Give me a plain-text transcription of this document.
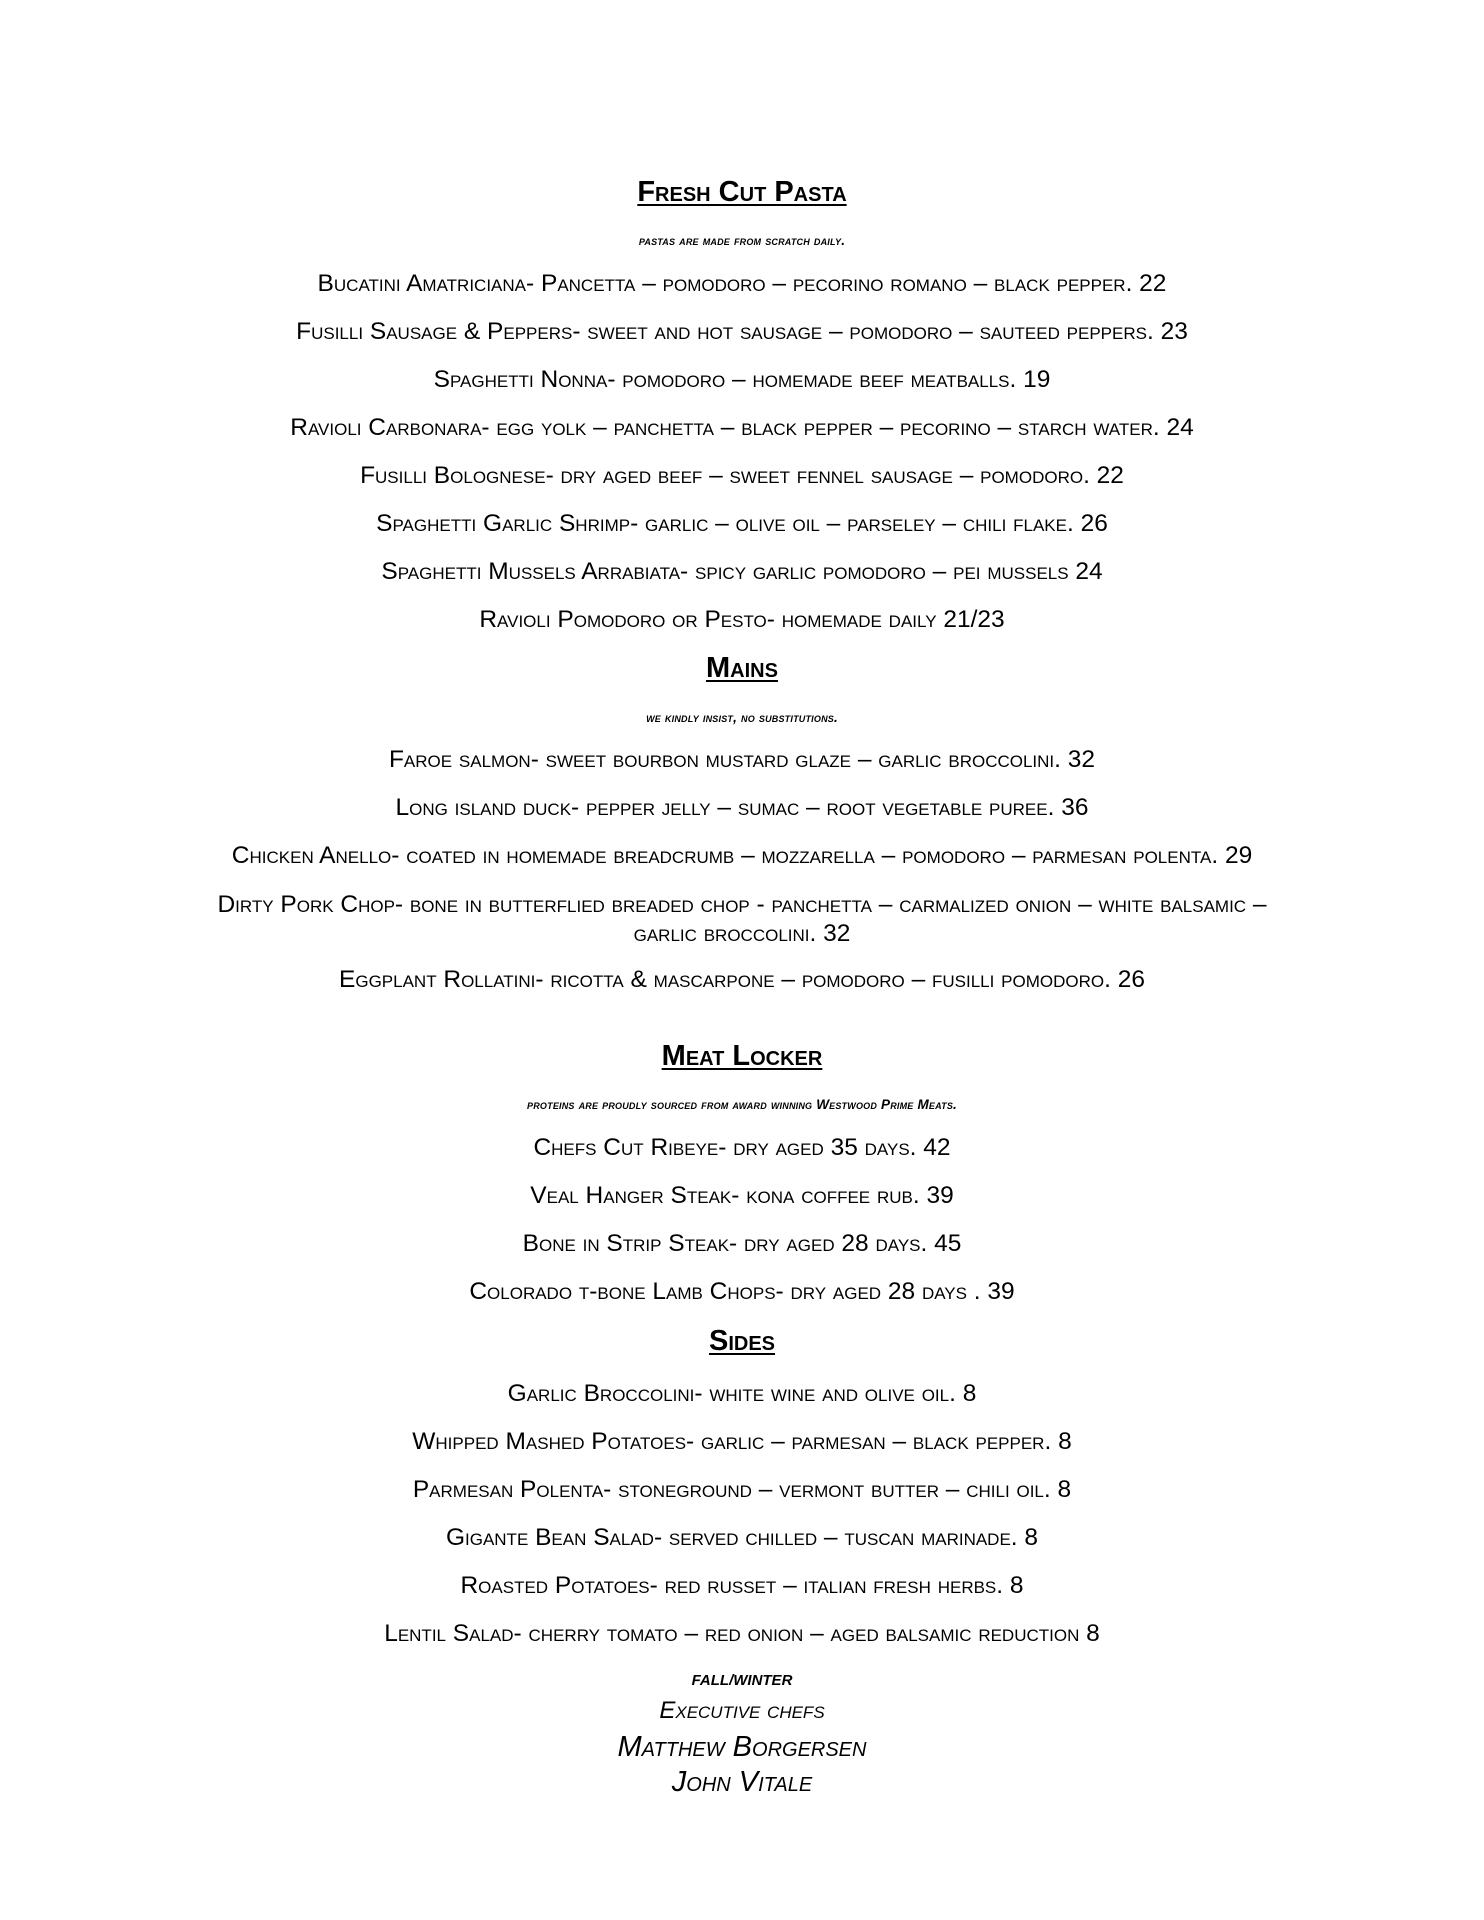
Fresh Cut Pasta
pastas are made from scratch daily.
Bucatini Amatriciana- Pancetta – pomodoro – pecorino romano – black pepper. 22
Fusilli Sausage & Peppers- sweet and hot sausage – pomodoro – sauteed peppers. 23
Spaghetti Nonna- pomodoro – homemade beef meatballs. 19
Ravioli Carbonara- egg yolk – panchetta – black pepper – pecorino – starch water. 24
Fusilli Bolognese- dry aged beef – sweet fennel sausage – pomodoro. 22
Spaghetti Garlic Shrimp- garlic – olive oil – parseley – chili flake. 26
Spaghetti Mussels Arrabiata- spicy garlic pomodoro – pei mussels 24
Ravioli Pomodoro or Pesto- homemade daily 21/23
Mains
we kindly insist, no substitutions.
Faroe salmon- sweet bourbon mustard glaze – garlic broccolini. 32
Long island duck- pepper jelly – sumac – root vegetable puree. 36
Chicken Anello- coated in homemade breadcrumb – mozzarella – pomodoro – parmesan polenta. 29
Dirty Pork Chop- bone in butterflied breaded chop - panchetta – carmalized onion – white balsamic – garlic broccolini. 32
Eggplant Rollatini- ricotta & mascarpone – pomodoro – fusilli pomodoro. 26
Meat Locker
proteins are proudly sourced from award winning Westwood Prime Meats.
Chefs Cut Ribeye- dry aged 35 days. 42
Veal Hanger Steak- kona coffee rub. 39
Bone in Strip Steak- dry aged 28 days. 45
Colorado t-bone Lamb Chops- dry aged 28 days . 39
Sides
Garlic Broccolini- white wine and olive oil. 8
Whipped Mashed Potatoes- garlic – parmesan – black pepper. 8
Parmesan Polenta- stoneground – vermont butter – chili oil. 8
Gigante Bean Salad- served chilled – tuscan marinade. 8
Roasted Potatoes- red russet – italian fresh herbs. 8
Lentil Salad- cherry tomato – red onion – aged balsamic reduction 8
FALL/WINTER
Executive chefs
Matthew Borgersen
John Vitale
